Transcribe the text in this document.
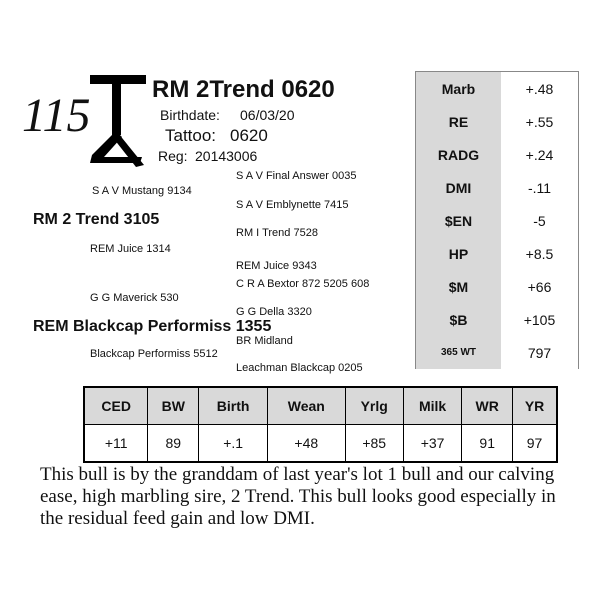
115	RM 2Trend 0620
Birthdate: 06/03/20
Tattoo: 0620
Reg: 20143006
S A V Final Answer 0035
S A V Mustang 9134
S A V Emblynette 7415
RM 2 Trend 3105
RM I Trend 7528
REM Juice 1314
REM Juice 9343
C R A Bextor 872 5205 608
G G Maverick 530
G G Della 3320
REM Blackcap Performiss 1355
BR Midland
Blackcap Performiss 5512
Leachman Blackcap 0205
Marb	+.48
RE	+.55
RADG	+.24
DMI	-.11
$EN	-5
HP	+8.5
$M	+66
$B	+105
365 WT	797
CED	BW	Birth	Wean	Yrlg	Milk	WR	YR
+11	89	+.1	+48	+85	+37	91	97
This bull is by the granddam of last year's lot 1 bull and our calving ease, high marbling sire, 2 Trend. This bull looks good especially in the residual feed gain and low DMI.
